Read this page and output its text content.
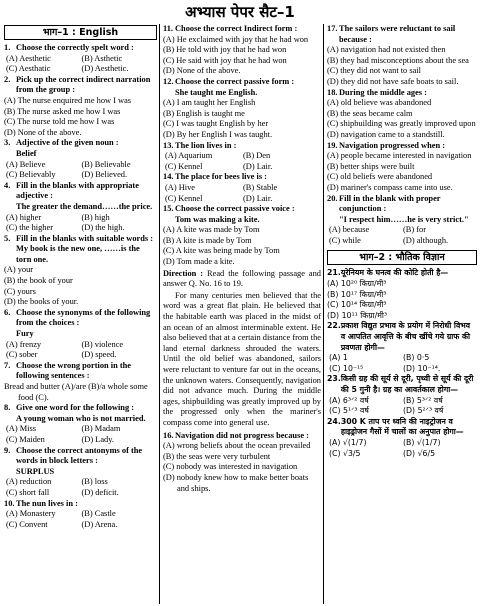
अभ्यास पेपर सैट–1
भाग–1 : English
1. Choose the correctly spelt word :
(A) Aesthetic	(B) Asthetic
(C) Aesthatic	(D) Aesthetic.
2. Pick up the correct indirect narration from the group :
(A) The nurse enquired me how I was
(B) The nurse asked me how I was
(C) The nurse told me how I was
(D) None of the above.
3. Adjective of the given noun :
Belief
(A) Believe	(B) Believable
(C) Believably	(D) Believed.
4. Fill in the blanks with appropriate adjective :
The greater the demand……the price.
(A) higher	(B) high
(C) the higher	(D) the high.
5. Fill in the blanks with suitable words :
My book is the new one, ……is the torn one.
(A) your
(B) the book of your
(C) yours
(D) the books of your.
6. Choose the synonyms of the following from the choices :
Fury
(A) frenzy	(B) violence
(C) sober	(D) speed.
7. Choose the wrong portion in the following sentences :
Bread and butter (A)/are (B)/a whole some food (C).
8. Give one word for the following :
A young woman who is not married.
(A) Miss	(B) Madam
(C) Maiden	(D) Lady.
9. Choose the correct antonyms of the words in block letters :
SURPLUS
(A) reduction	(B) loss
(C) short fall	(D) deficit.
10. The nun lives in :
(A) Monastery	(B) Castle
(C) Convent	(D) Arena.
11. Choose the correct Indirect form :
(A) He exclaimed with joy that he had won
(B) He told with joy that he had won
(C) He said with joy that he had won
(D) None of the above.
12. Choose the correct passive form :
She taught me English.
(A) I am taught her English
(B) English is taught me
(C) I was taught English by her
(D) By her English I was taught.
13. The lion lives in :
(A) Aquarium	(B) Den
(C) Kennel	(D) Lair.
14. The place for bees live is :
(A) Hive	(B) Stable
(C) Kennel	(D) Lair.
15. Choose the correct passive voice :
Tom was making a kite.
(A) A kite was made by Tom
(B) A kite is made by Tom
(C) A kite was being made by Tom
(D) Tom made a kite.
Direction : Read the following passage and answer Q. No. 16 to 19.
For many centuries men believed that the word was a great flat plain. He believed that the habitable earth was placed in the midst of an ocean of an almost interminable extent. He also believed that at a certain distance from the land eternal darkness shrouded the waters. Until the old belief was abandoned, sailors were reluctant to venture far out in the oceans, the unknown waters. Consequently, navigation did not advance much. During the middle ages, shipbuilding was greatly improved up by the progressed only when the mariner's compass come into general use.
16. Navigation did not progress because :
(A) wrong beliefs about the ocean prevailed
(B) the seas were very turbulent
(C) nobody was interested in navigation
(D) nobody knew how to make better boats and ships.
17. The sailors were reluctant to sail because :
(A) navigation had not existed then
(B) they had misconceptions about the sea
(C) they did not want to sail
(D) they did not have safe boats to sail.
18. During the middle ages :
(A) old believe was abandoned
(B) the seas became calm
(C) shipbuilding was greatly improved upon
(D) navigation came to a standstill.
19. Navigation progressed when :
(A) people became interested in navigation
(B) better ships were built
(C) old beliefs were abandoned
(D) mariner's compass came into use.
20. Fill in the blank with proper conjunction :
"I respect him……he is very strict."
(A) because	(B) for
(C) while	(D) although.
भाग–2 : भौतिक विज्ञान
21. यूरेनियम के घनत्व की कोटि होती है—
(A) 10²⁰ किग्रा/मी³
(B) 10¹⁷ किग्रा/मी³
(C) 10¹⁴ किग्रा/मी³
(D) 10¹¹ किग्रा/मी³
22. प्रकाश विद्युत प्रभाव के प्रयोग में निरोधी विभव व आपतित आवृत्ति के बीच खींचे गये ग्राफ की प्रवणता होगी—
(A) 1	(B) 0·5
(C) 10⁻¹⁵	(D) 10⁻¹⁴.
23. किसी ग्रह की सूर्य से दूरी, पृथ्वी से सूर्य की दूरी की 5 गुनी है। ग्रह का आवर्तकाल होगा—
(A) 6³ᐟ² वर्ष	(B) 5³ᐟ² वर्ष
(C) 5¹ᐟ³ वर्ष	(D) 5²ᐟ³ वर्ष
24. 300 K ताप पर ध्वनि की नाइट्रोजन व हाइड्रोजन गैसों में चालों का अनुपात होगा—
(A) √(1/7)	(B) √(1/7)
(C) √3/5	(D) √6/5
